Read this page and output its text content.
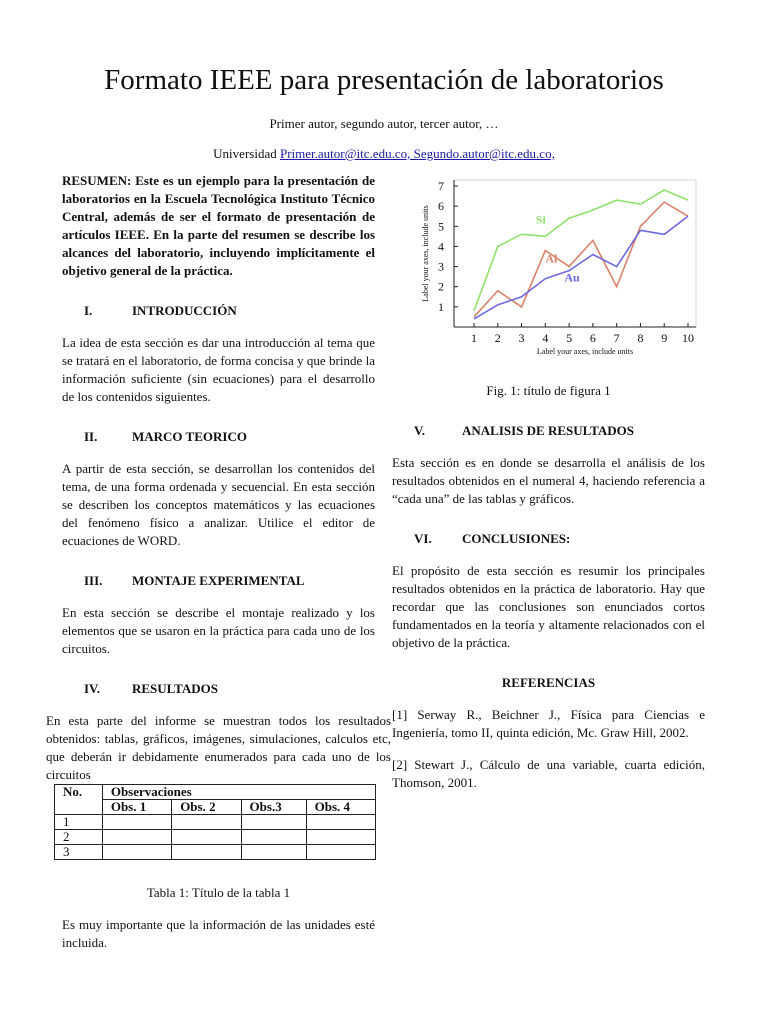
Formato IEEE para presentación de laboratorios
Primer autor, segundo autor, tercer autor, …
Universidad Primer.autor@itc.edu.co, Segundo.autor@itc.edu.co,

RESUMEN: Este es un ejemplo para la presentación de laboratorios en la Escuela Tecnológica Instituto Técnico Central, además de ser el formato de presentación de artículos IEEE. En la parte del resumen se describe los alcances del laboratorio, incluyendo implícitamente el objetivo general de la práctica.

I.	INTRODUCCIÓN

La idea de esta sección es dar una introducción al tema que se tratará en el laboratorio, de forma concisa y que brinde la información suficiente (sin ecuaciones) para el desarrollo de los contenidos siguientes.

II.	MARCO TEORICO

A partir de esta sección, se desarrollan los contenidos del tema, de una forma ordenada y secuencial. En esta sección se describen los conceptos matemáticos y las ecuaciones del fenómeno físico a analizar. Utilice el editor de ecuaciones de WORD.

III.	MONTAJE EXPERIMENTAL

En esta sección se describe el montaje realizado y los elementos que se usaron en la práctica para cada uno de los circuitos.

IV.	RESULTADOS

En esta parte del informe se muestran todos los resultados obtenidos: tablas, gráficos, imágenes, simulaciones, calculos etc, que deberán ir debidamente enumerados para cada uno de los circuitos

No.	Observaciones			
	Obs. 1	Obs. 2	Obs.3	Obs. 4
1				
2				
3				
Tabla 1: Título de la tabla 1

Es muy importante que la información de las unidades esté incluida.

1
2
3
4
5
6
7
1 2 3 4 5 6 7 8 9 10
Label your axes, include units
Label your axes, include units	Si
Al
Au
Fig. 1: título de figura 1
V.	ANALISIS DE RESULTADOS

Esta sección es en donde se desarrolla el análisis de los resultados obtenidos en el numeral 4, haciendo referencia a “cada una” de las tablas y gráficos.

VI.	CONCLUSIONES:

El propósito de esta sección es resumir los principales resultados obtenidos en la práctica de laboratorio. Hay que recordar que las conclusiones son enunciados cortos fundamentados en la teoría y altamente relacionados con el objetivo de la práctica.

REFERENCIAS

[1] Serway R., Beichner J., Física para Ciencias e Ingeniería, tomo II, quinta edición, Mc. Graw Hill, 2002.

[2] Stewart J., Cálculo de una variable, cuarta edición, Thomson, 2001.
